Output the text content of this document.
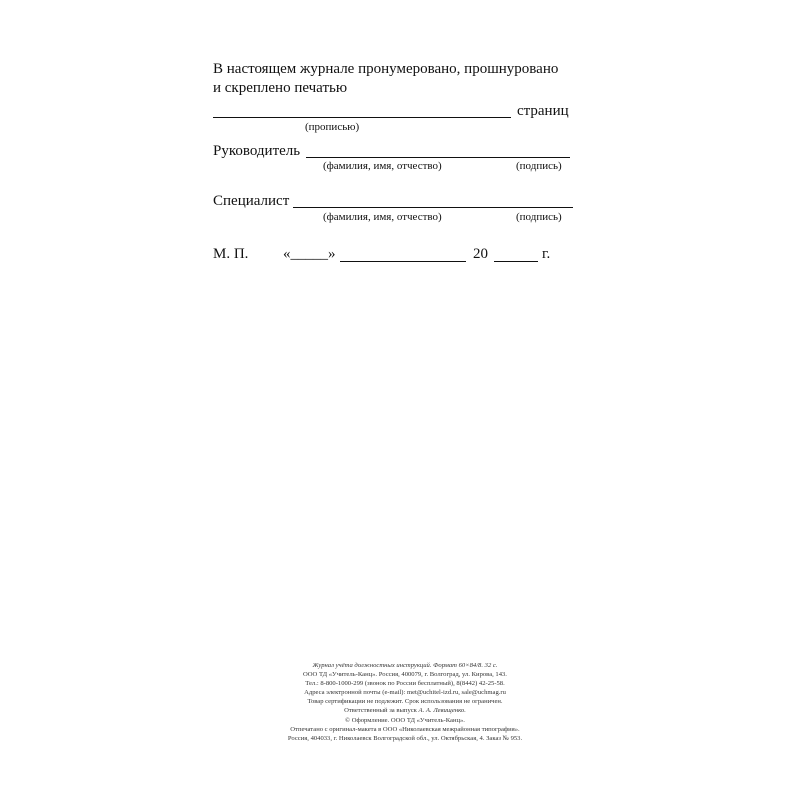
В настоящем журнале пронумеровано, прошнуровано
и скреплено печатью
страниц
(прописью)
Руководитель
(фамилия, имя, отчество)	(подпись)
Специалист
(фамилия, имя, отчество)	(подпись)
М. П. «_____»	20	г.
Журнал учёта должностных инструкций. Формат 60×84/8. 32 с.
ООО ТД «Учитель-Канц». Россия, 400079, г. Волгоград, ул. Кирова, 143.
Тел.: 8-800-1000-299 (звонок по России бесплатный), 8(8442) 42-25-58.
Адреса электронной почты (e-mail): met@uchitel-izd.ru, sale@uchmag.ru
Товар сертификации не подлежит. Срок использования не ограничен.
Ответственный за выпуск А. А. Левищенко.
© Оформление. ООО ТД «Учитель-Канц».
Отпечатано с оригинал-макета в ООО «Николаевская межрайонная типография».
Россия, 404033, г. Николаевск Волгоградской обл., ул. Октябрьская, 4. Заказ № 953.
